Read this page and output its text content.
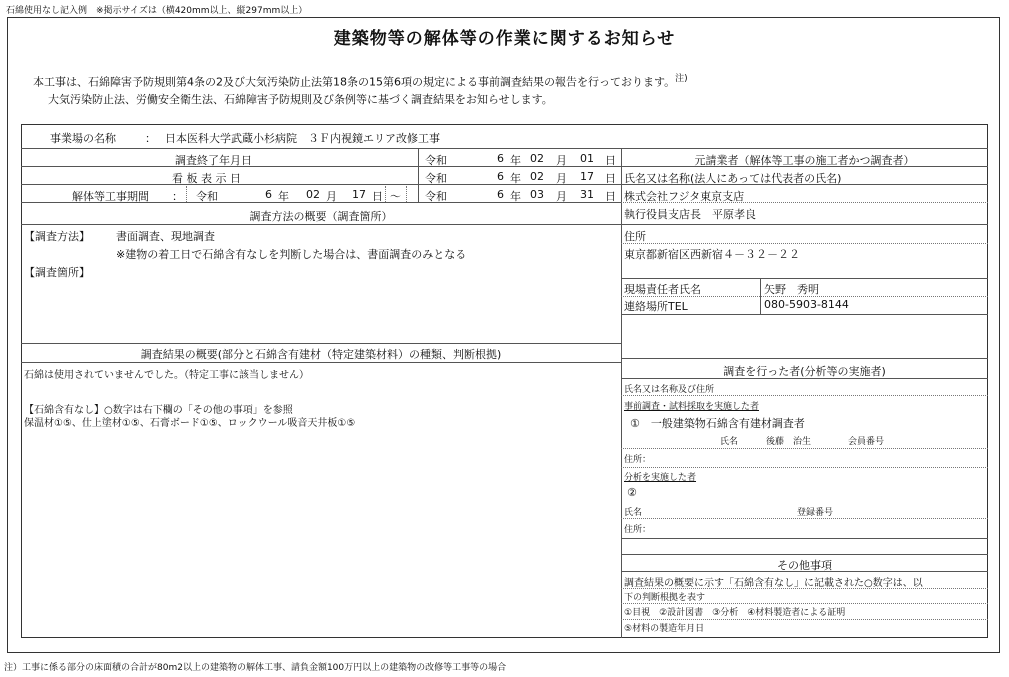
石綿使用なし記入例　※掲示サイズは（横420mm以上、縦297mm以上）
建築物等の解体等の作業に関するお知らせ
本工事は、石綿障害予防規則第4条の2及び大気汚染防止法第18条の15第6項の規定による事前調査結果の報告を行っております。$^{注)}$
大気汚染防止法、労働安全衛生法、石綿障害予防規則及び条例等に基づく調査結果をお知らせします。
事業場の名称	： 日本医科大学武蔵小杉病院　３Ｆ内視鏡エリア改修工事
調査終了年月日	令和	6 年 02 月 01 日
看 板 表 示 日	令和	6 年 02 月 17 日
解体等工事期間 ： 令和	6 年 02 月 17 日 ～ 令和	6 年 03 月 31 日
調査方法の概要（調査箇所）
【調査方法】 書面調査、現地調査
※建物の着工日で石綿含有なしを判断した場合は、書面調査のみとなる
【調査箇所】
調査結果の概要(部分と石綿含有建材（特定建築材料）の種類、判断根拠)
石綿は使用されていませんでした。（特定工事に該当しません）
【石綿含有なし】○数字は右下欄の「その他の事項」を参照
保温材①⑤、仕上塗材①⑤、石膏ボード①⑤、ロックウール吸音天井板①⑤
元請業者（解体等工事の施工者かつ調査者）
氏名又は名称(法人にあっては代表者の氏名)
株式会社フジタ東京支店
執行役員支店長　平原孝良
住所
東京都新宿区西新宿４－３２－２２
現場責任者氏名	矢野　秀明
連絡場所TEL	080-5903-8144
調査を行った者(分析等の実施者)
氏名又は名称及び住所
事前調査・試料採取を実施した者
①　一般建築物石綿含有建材調査者
氏名	後藤　治生	会員番号
住所：
分析を実施した者
②
氏名	登録番号
住所：
その他事項
調査結果の概要に示す「石綿含有なし」に記載された○数字は、以
下の判断根拠を表す
①目視　②設計図書　③分析　④材料製造者による証明
⑤材料の製造年月日
注）工事に係る部分の床面積の合計が80m2以上の建築物の解体工事、請負金額100万円以上の建築物の改修等工事等の場合
